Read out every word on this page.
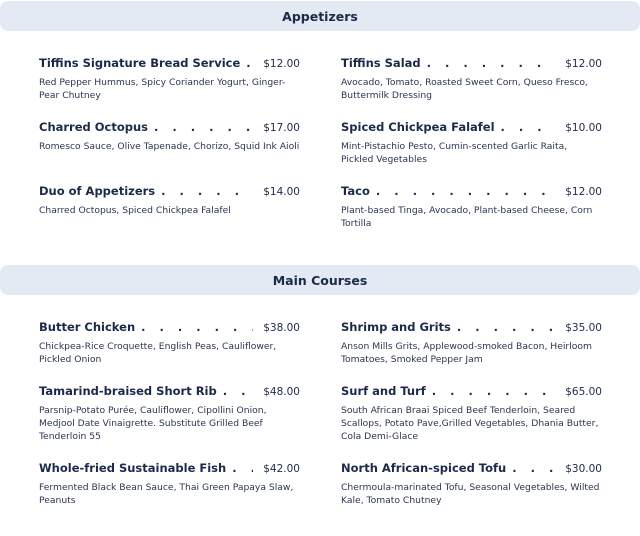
Appetizers
Tiffins Signature Bread Service . . . $12.00
Red Pepper Hummus, Spicy Coriander Yogurt, Ginger-Pear Chutney
Charred Octopus . . .	$17.00
Romesco Sauce, Olive Tapenade, Chorizo, Squid Ink Aioli
Duo of Appetizers . . .	$14.00
Charred Octopus, Spiced Chickpea Falafel
Tiffins Salad . . .	$12.00
Avocado, Tomato, Roasted Sweet Corn, Queso Fresco, Buttermilk Dressing
Spiced Chickpea Falafel . . .	$10.00
Mint-Pistachio Pesto, Cumin-scented Garlic Raita, Pickled Vegetables
Taco . . .	$12.00
Plant-based Tinga, Avocado, Plant-based Cheese, Corn Tortilla
Main Courses
Butter Chicken . . .	$38.00
Chickpea-Rice Croquette, English Peas, Cauliflower, Pickled Onion
Tamarind-braised Short Rib . . .	$48.00
Parsnip-Potato Purée, Cauliflower, Cipollini Onion, Medjool Date Vinaigrette. Substitute Grilled Beef Tenderloin 55
Whole-fried Sustainable Fish . . .	$42.00
Fermented Black Bean Sauce, Thai Green Papaya Slaw, Peanuts
Shrimp and Grits . . .	$35.00
Anson Mills Grits, Applewood-smoked Bacon, Heirloom Tomatoes, Smoked Pepper Jam
Surf and Turf . . .	$65.00
South African Braai Spiced Beef Tenderloin, Seared Scallops, Potato Pave,Grilled Vegetables, Dhania Butter, Cola Demi-Glace
North African-spiced Tofu . . .	$30.00
Chermoula-marinated Tofu, Seasonal Vegetables, Wilted Kale, Tomato Chutney
